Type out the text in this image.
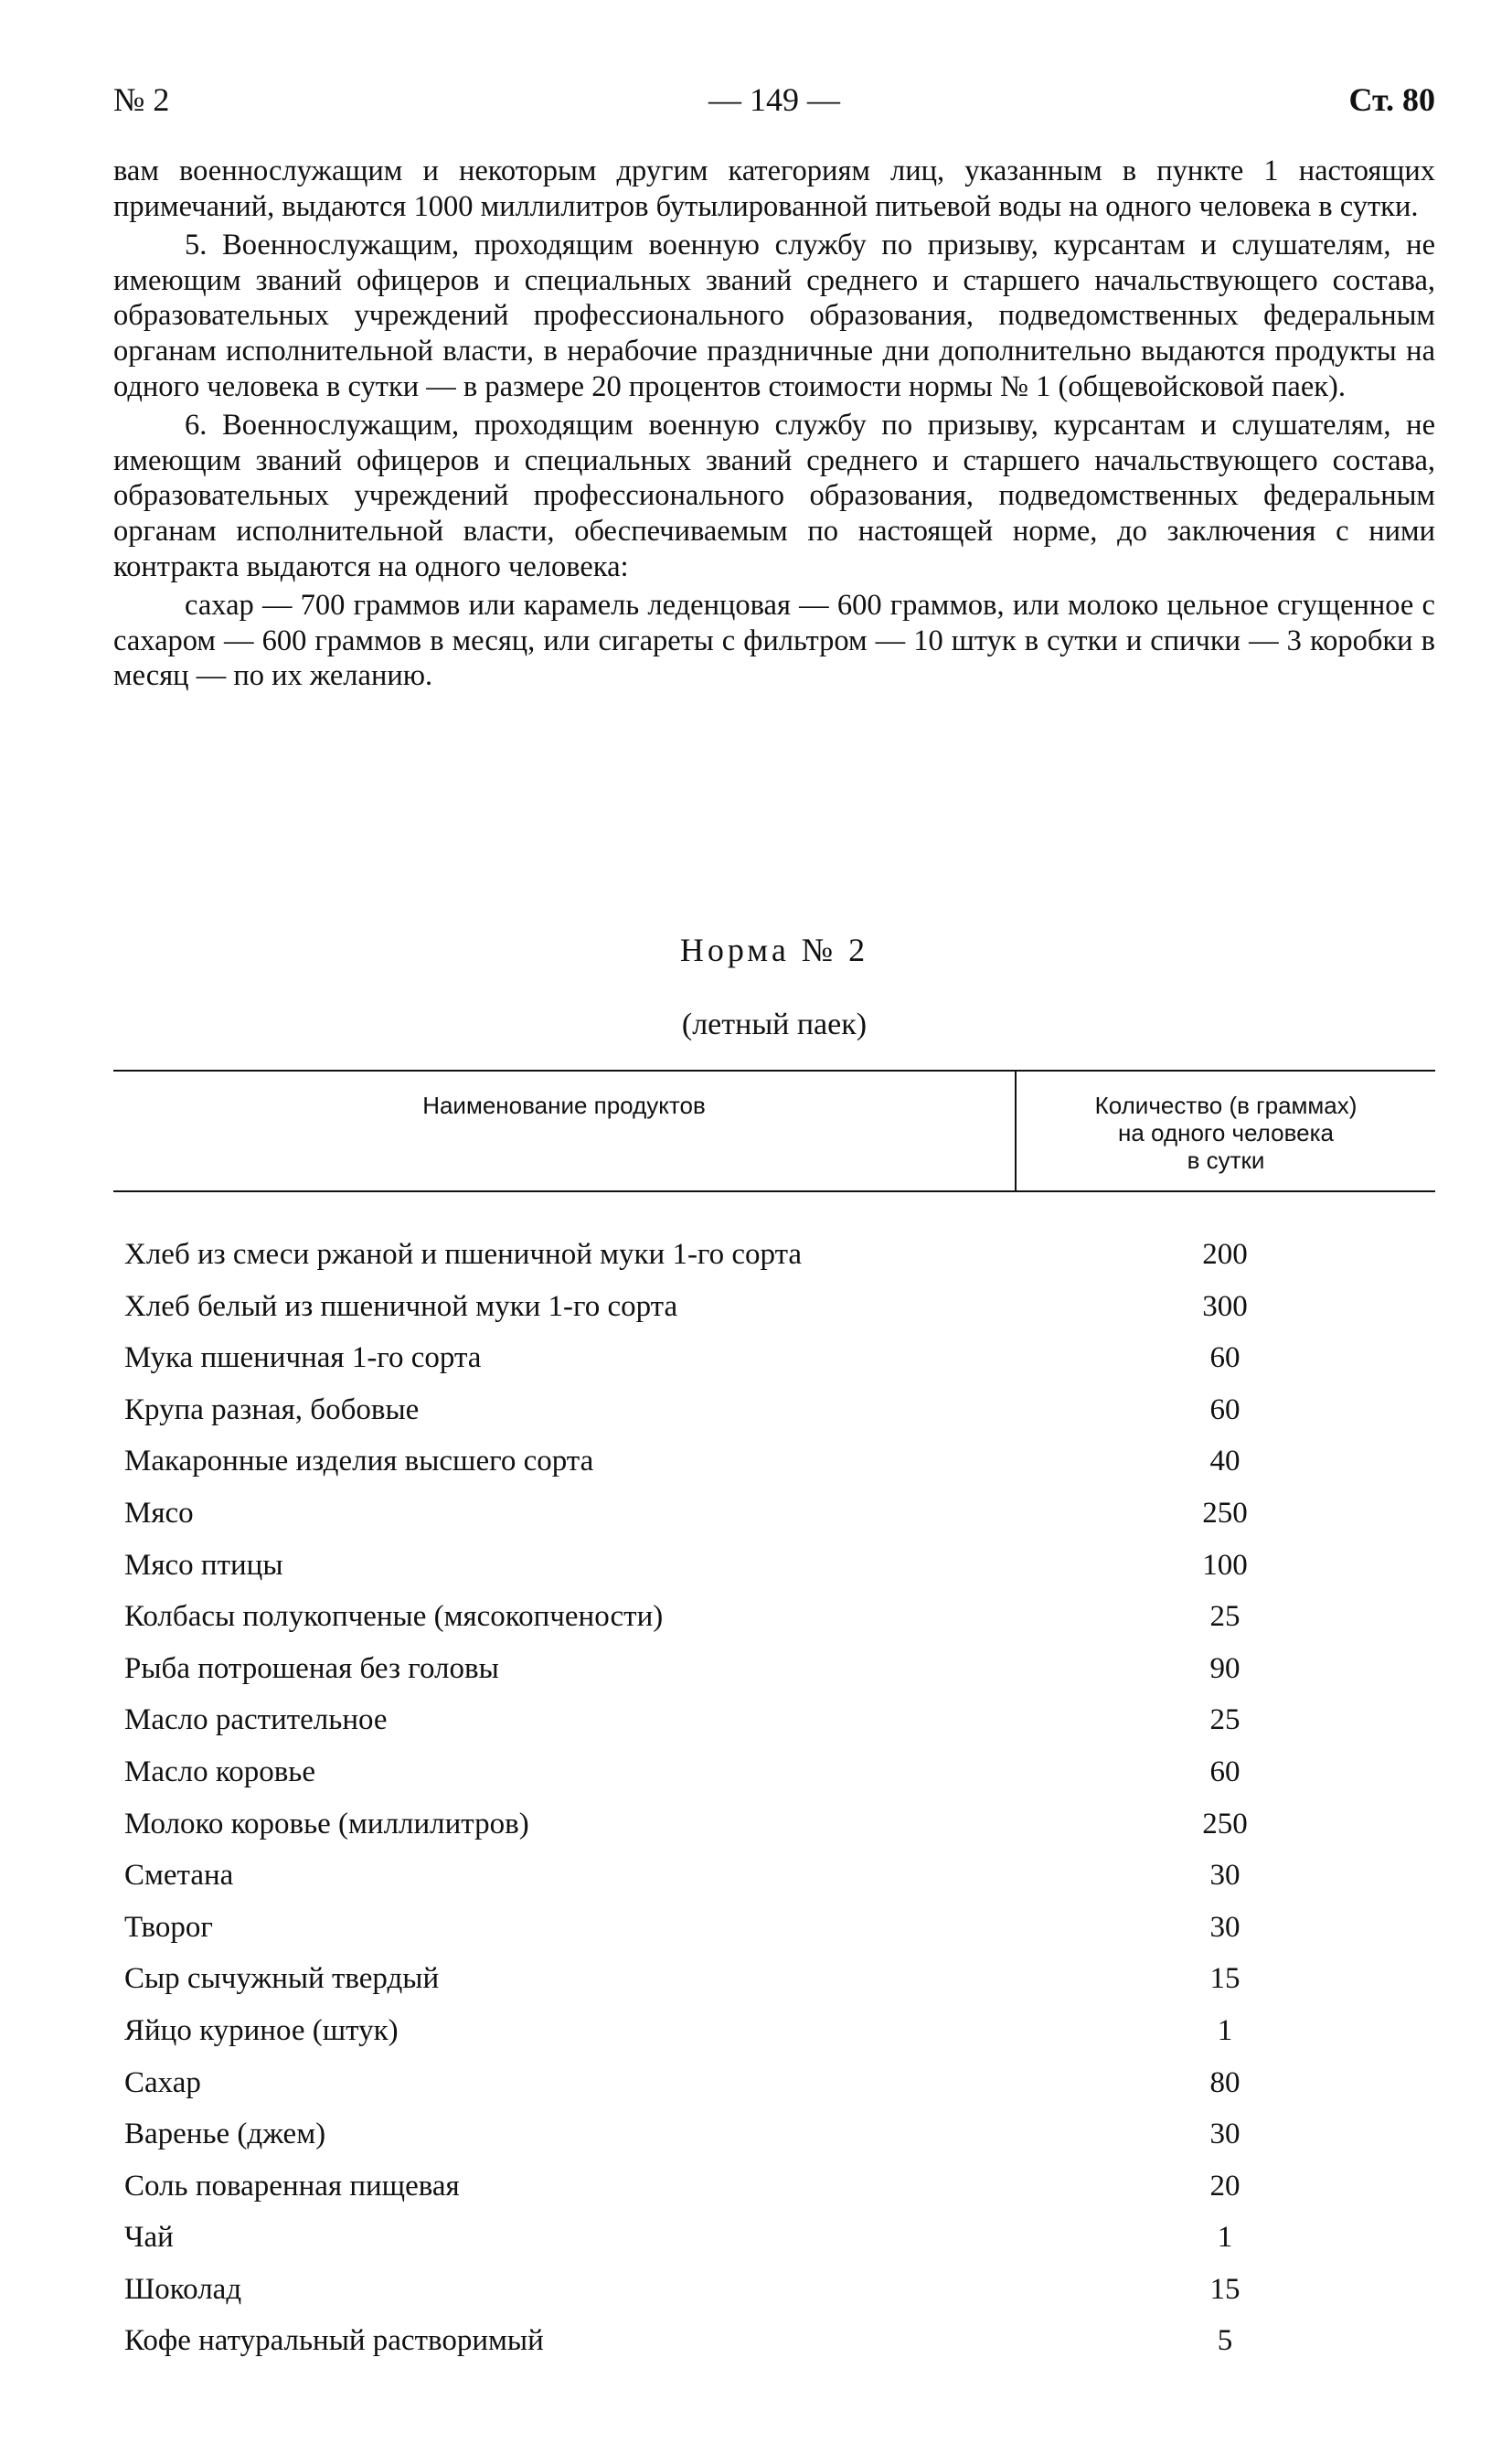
№ 2	— 149 —	Ст. 80

вам военнослужащим и некоторым другим категориям лиц, указанным в пункте 1 настоящих примечаний, выдаются 1000 миллилитров бутылированной питьевой воды на одного человека в сутки.

5. Военнослужащим, проходящим военную службу по призыву, курсантам и слушателям, не имеющим званий офицеров и специальных званий среднего и старшего начальствующего состава, образовательных учреждений профессионального образования, подведомственных федеральным органам исполнительной власти, в нерабочие праздничные дни дополнительно выдаются продукты на одного человека в сутки — в размере 20 процентов стоимости нормы № 1 (общевойсковой паек).

6. Военнослужащим, проходящим военную службу по призыву, курсантам и слушателям, не имеющим званий офицеров и специальных званий среднего и старшего начальствующего состава, образовательных учреждений профессионального образования, подведомственных федеральным органам исполнительной власти, обеспечиваемым по настоящей норме, до заключения с ними контракта выдаются на одного человека:

сахар — 700 граммов или карамель леденцовая — 600 граммов, или молоко цельное сгущенное с сахаром — 600 граммов в месяц, или сигареты с фильтром — 10 штук в сутки и спички — 3 коробки в месяц — по их желанию.

Норма № 2
(летный паек)
Наименование продуктов	Количество (в граммах)
на одного человека
в сутки
Хлеб из смеси ржаной и пшеничной муки 1-го сорта	200
Хлеб белый из пшеничной муки 1-го сорта	300
Мука пшеничная 1-го сорта	60
Крупа разная, бобовые	60
Макаронные изделия высшего сорта	40
Мясо	250
Мясо птицы	100
Колбасы полукопченые (мясокопчености)	25
Рыба потрошеная без головы	90
Масло растительное	25
Масло коровье	60
Молоко коровье (миллилитров)	250
Сметана	30
Творог	30
Сыр сычужный твердый	15
Яйцо куриное (штук)	1
Сахар	80
Варенье (джем)	30
Соль поваренная пищевая	20
Чай	1
Шоколад	15
Кофе натуральный растворимый	5
